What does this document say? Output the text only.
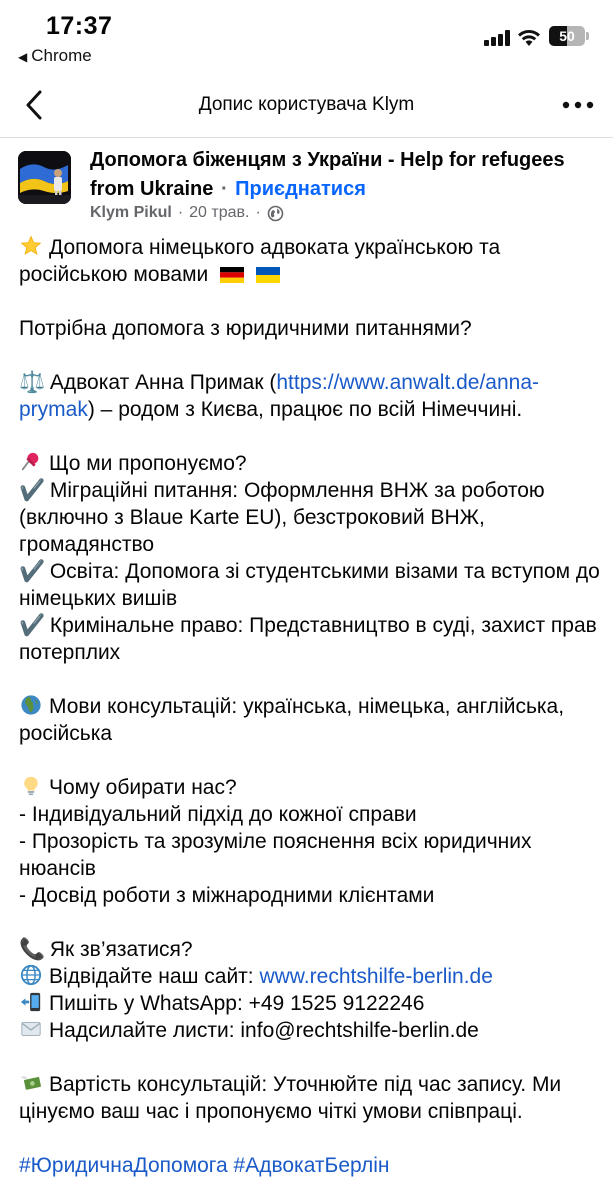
17:37
◀ Chrome
50
Допис користувача Klym
Допомога біженцям з України - Help for refugees from Ukraine · Приєднатися
Klym Pikul · 20 трав. ·

Допомога німецького адвоката українською та російською мовами

Потрібна допомога з юридичними питаннями?

⚖️ Адвокат Анна Примак (https://www.anwalt.de/anna-prymak) – родом з Києва, працює по всій Німеччині.

Що ми пропонуємо?

✔️ Міграційні питання: Оформлення ВНЖ за роботою (включно з Blaue Karte EU), безстроковий ВНЖ, громадянство

✔️ Освіта: Допомога зі студентськими візами та вступом до німецьких вишів

✔️ Кримінальне право: Представництво в суді, захист прав потерплих

Мови консультацій: українська, німецька, англійська, російська

Чому обирати нас?

- Індивідуальний підхід до кожної справи

- Прозорість та зрозуміле пояснення всіх юридичних нюансів

- Досвід роботи з міжнародними клієнтами

📞 Як зв’язатися?

Відвідайте наш сайт: www.rechtshilfe-berlin.de

Пишіть у WhatsApp: +49 1525 9122246

Надсилайте листи: info@rechtshilfe-berlin.de

Вартість консультацій: Уточнюйте під час запису. Ми цінуємо ваш час і пропонуємо чіткі умови співпраці.

#ЮридичнаДопомога #АдвокатБерлін
